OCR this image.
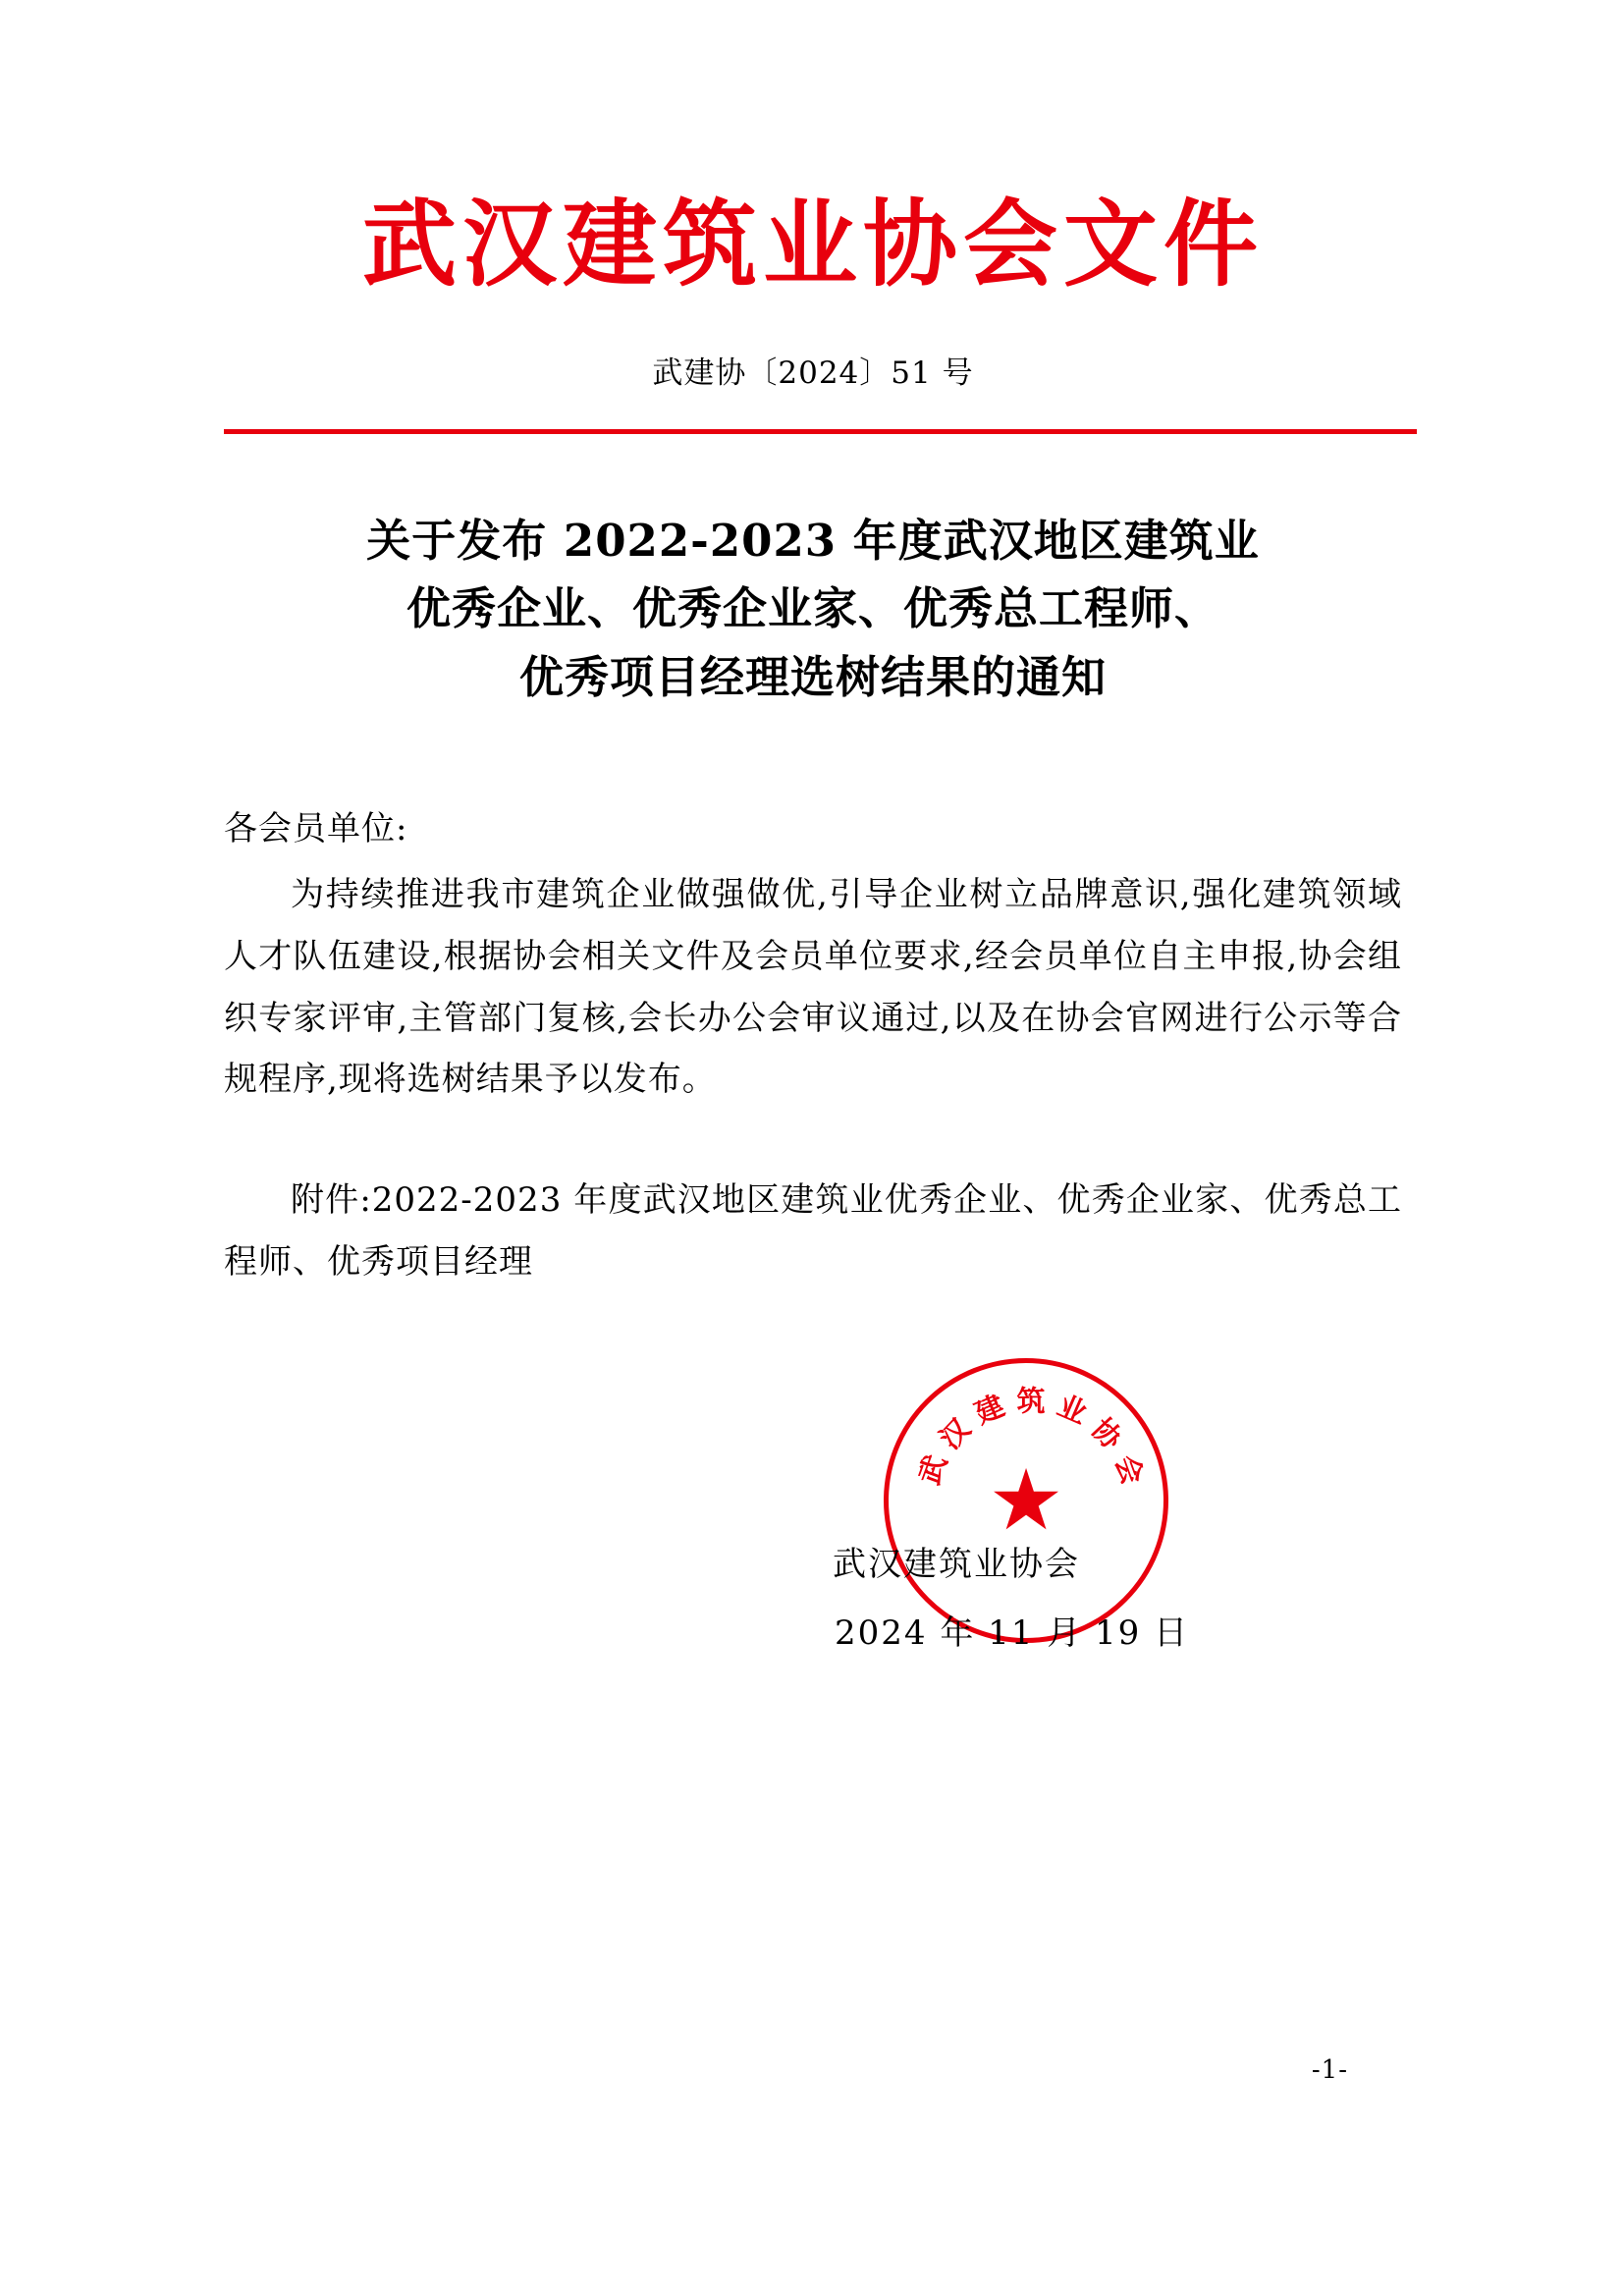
武汉建筑业协会文件
武建协〔2024〕51 号
关于发布 2022-2023 年度武汉地区建筑业
优秀企业、优秀企业家、优秀总工程师、
优秀项目经理选树结果的通知
各会员单位:
为持续推进我市建筑企业做强做优,引导企业树立品牌意识,强化建筑领域人才队伍建设,根据协会相关文件及会员单位要求,经会员单位自主申报,协会组织专家评审,主管部门复核,会长办公会审议通过,以及在协会官网进行公示等合规程序,现将选树结果予以发布。
附件:2022-2023 年度武汉地区建筑业优秀企业、优秀企业家、优秀总工程师、优秀项目经理
武
汉
建 筑 业
协
会
★
武汉建筑业协会
2024 年 11 月 19 日
-1-
